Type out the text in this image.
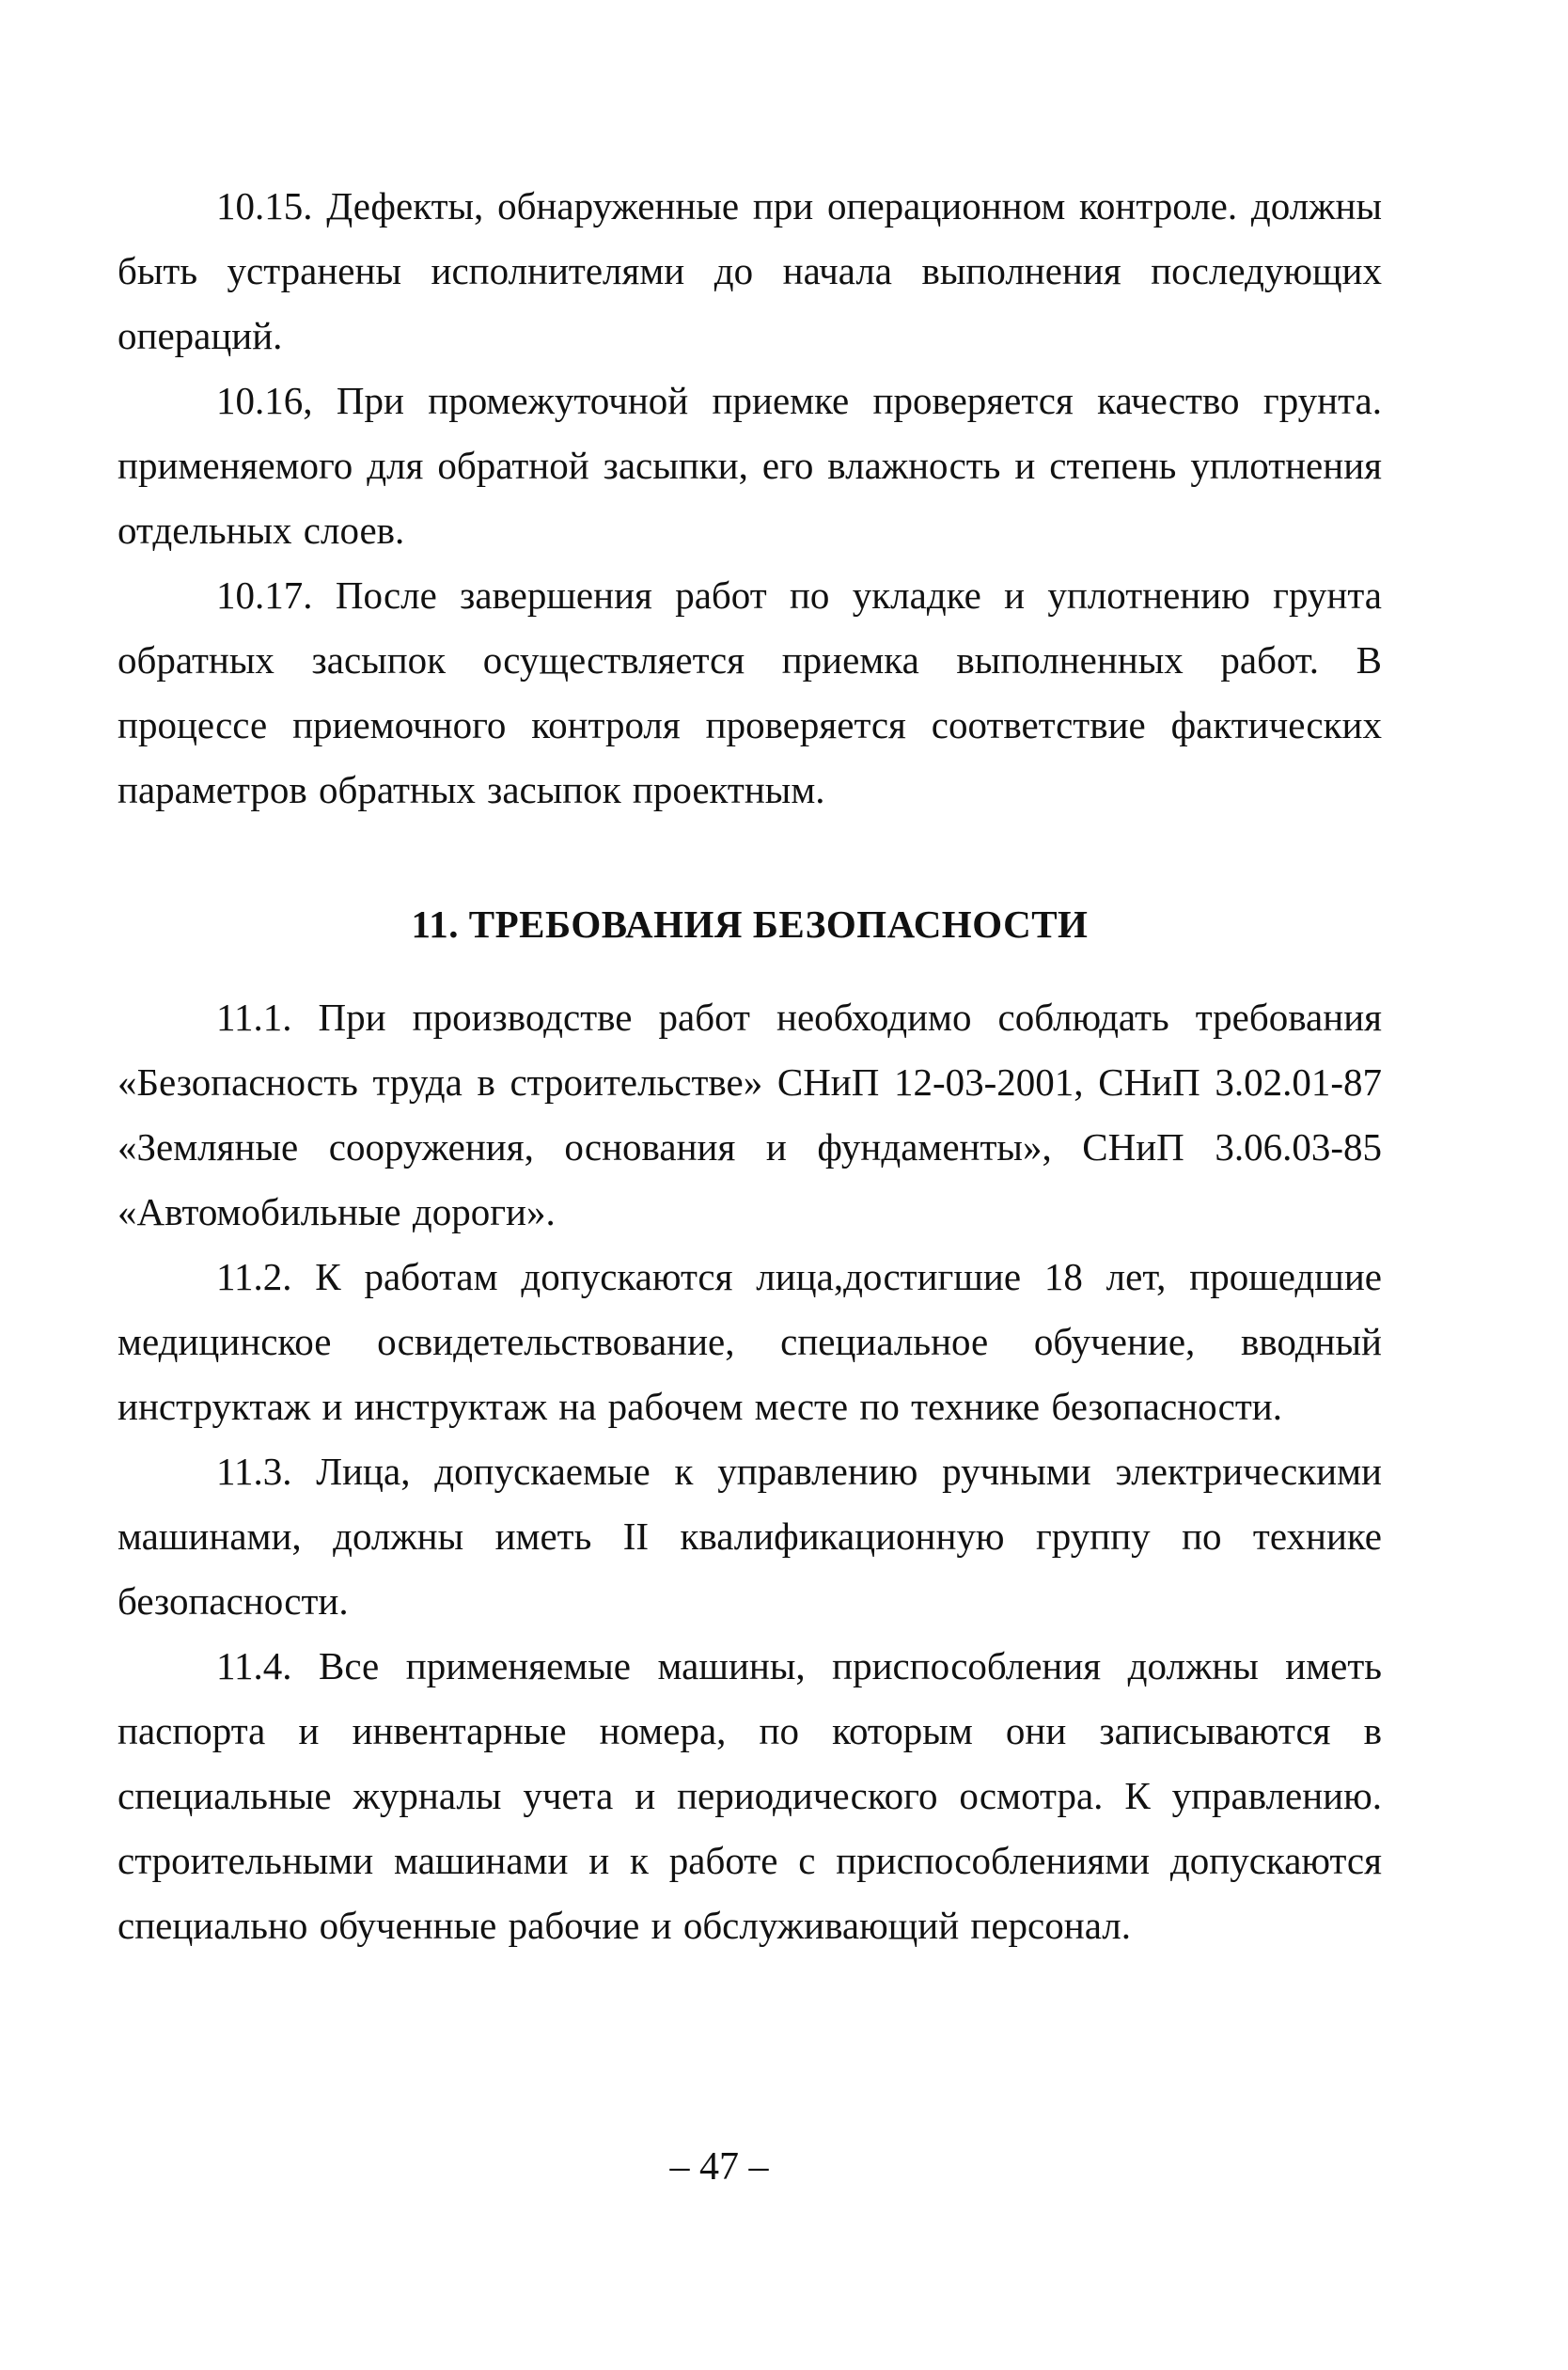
10.15. Дефекты, обнаруженные при операционном контроле. должны быть устранены исполнителями до начала выполнения последующих операций.

10.16, При промежуточной приемке проверяется качество грунта. применяемого для обратной засыпки, его влажность и степень уплотнения отдельных слоев.

10.17. После завершения работ по укладке и уплотнению грунта обратных засыпок осуществляется приемка выполненных работ. В процессе приемочного контроля проверяется соответствие фактических параметров обратных засыпок проектным.

11. ТРЕБОВАНИЯ БЕЗОПАСНОСТИ

11.1. При производстве работ необходимо соблюдать требования «Безопасность труда в строительстве» СНиП 12-03-2001, СНиП 3.02.01-87 «Земляные сооружения, основания и фундаменты», СНиП 3.06.03-85 «Автомобильные дороги».

11.2. К работам допускаются лица,достигшие 18 лет, прошедшие медицинское освидетельствование, специальное обучение, вводный инструктаж и инструктаж на рабочем месте по технике безопасности.

11.3. Лица, допускаемые к управлению ручными электрическими машинами, должны иметь II квалификационную группу по технике безопасности.

11.4. Все применяемые машины, приспособления должны иметь паспорта и инвентарные номера, по которым они записываются в специальные журналы учета и периодического осмотра. К управлению. строительными машинами и к работе с приспособлениями допускаются специально обученные рабочие и обслуживающий персонал.

– 47 –
